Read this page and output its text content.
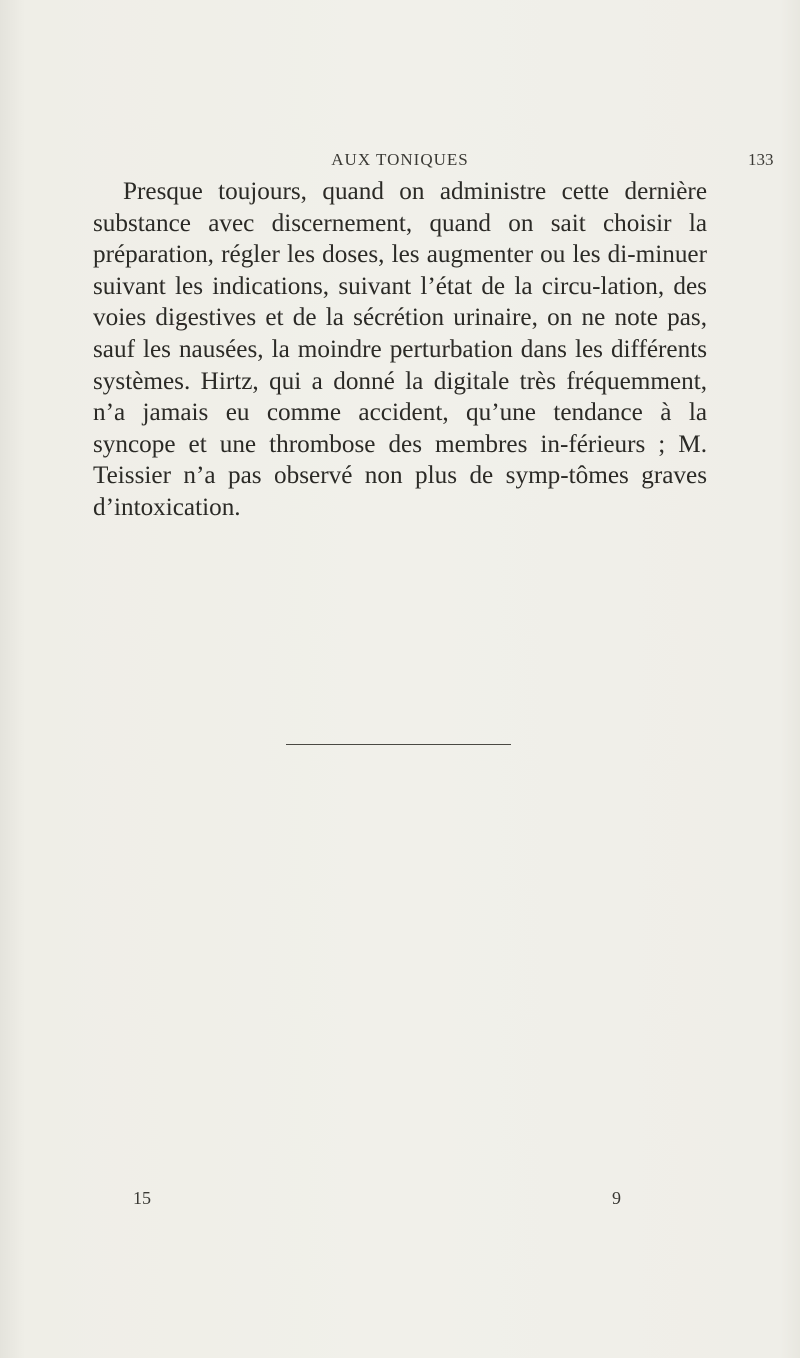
AUX TONIQUES	133

Presque toujours, quand on administre cette dernière substance avec discernement, quand on sait choisir la préparation, régler les doses, les augmenter ou les di-minuer suivant les indications, suivant l’état de la circu-lation, des voies digestives et de la sécrétion urinaire, on ne note pas, sauf les nausées, la moindre perturbation dans les différents systèmes. Hirtz, qui a donné la digitale très fréquemment, n’a jamais eu comme accident, qu’une tendance à la syncope et une thrombose des membres in-férieurs ; M. Teissier n’a pas observé non plus de symp-tômes graves d’intoxication.

15	9
